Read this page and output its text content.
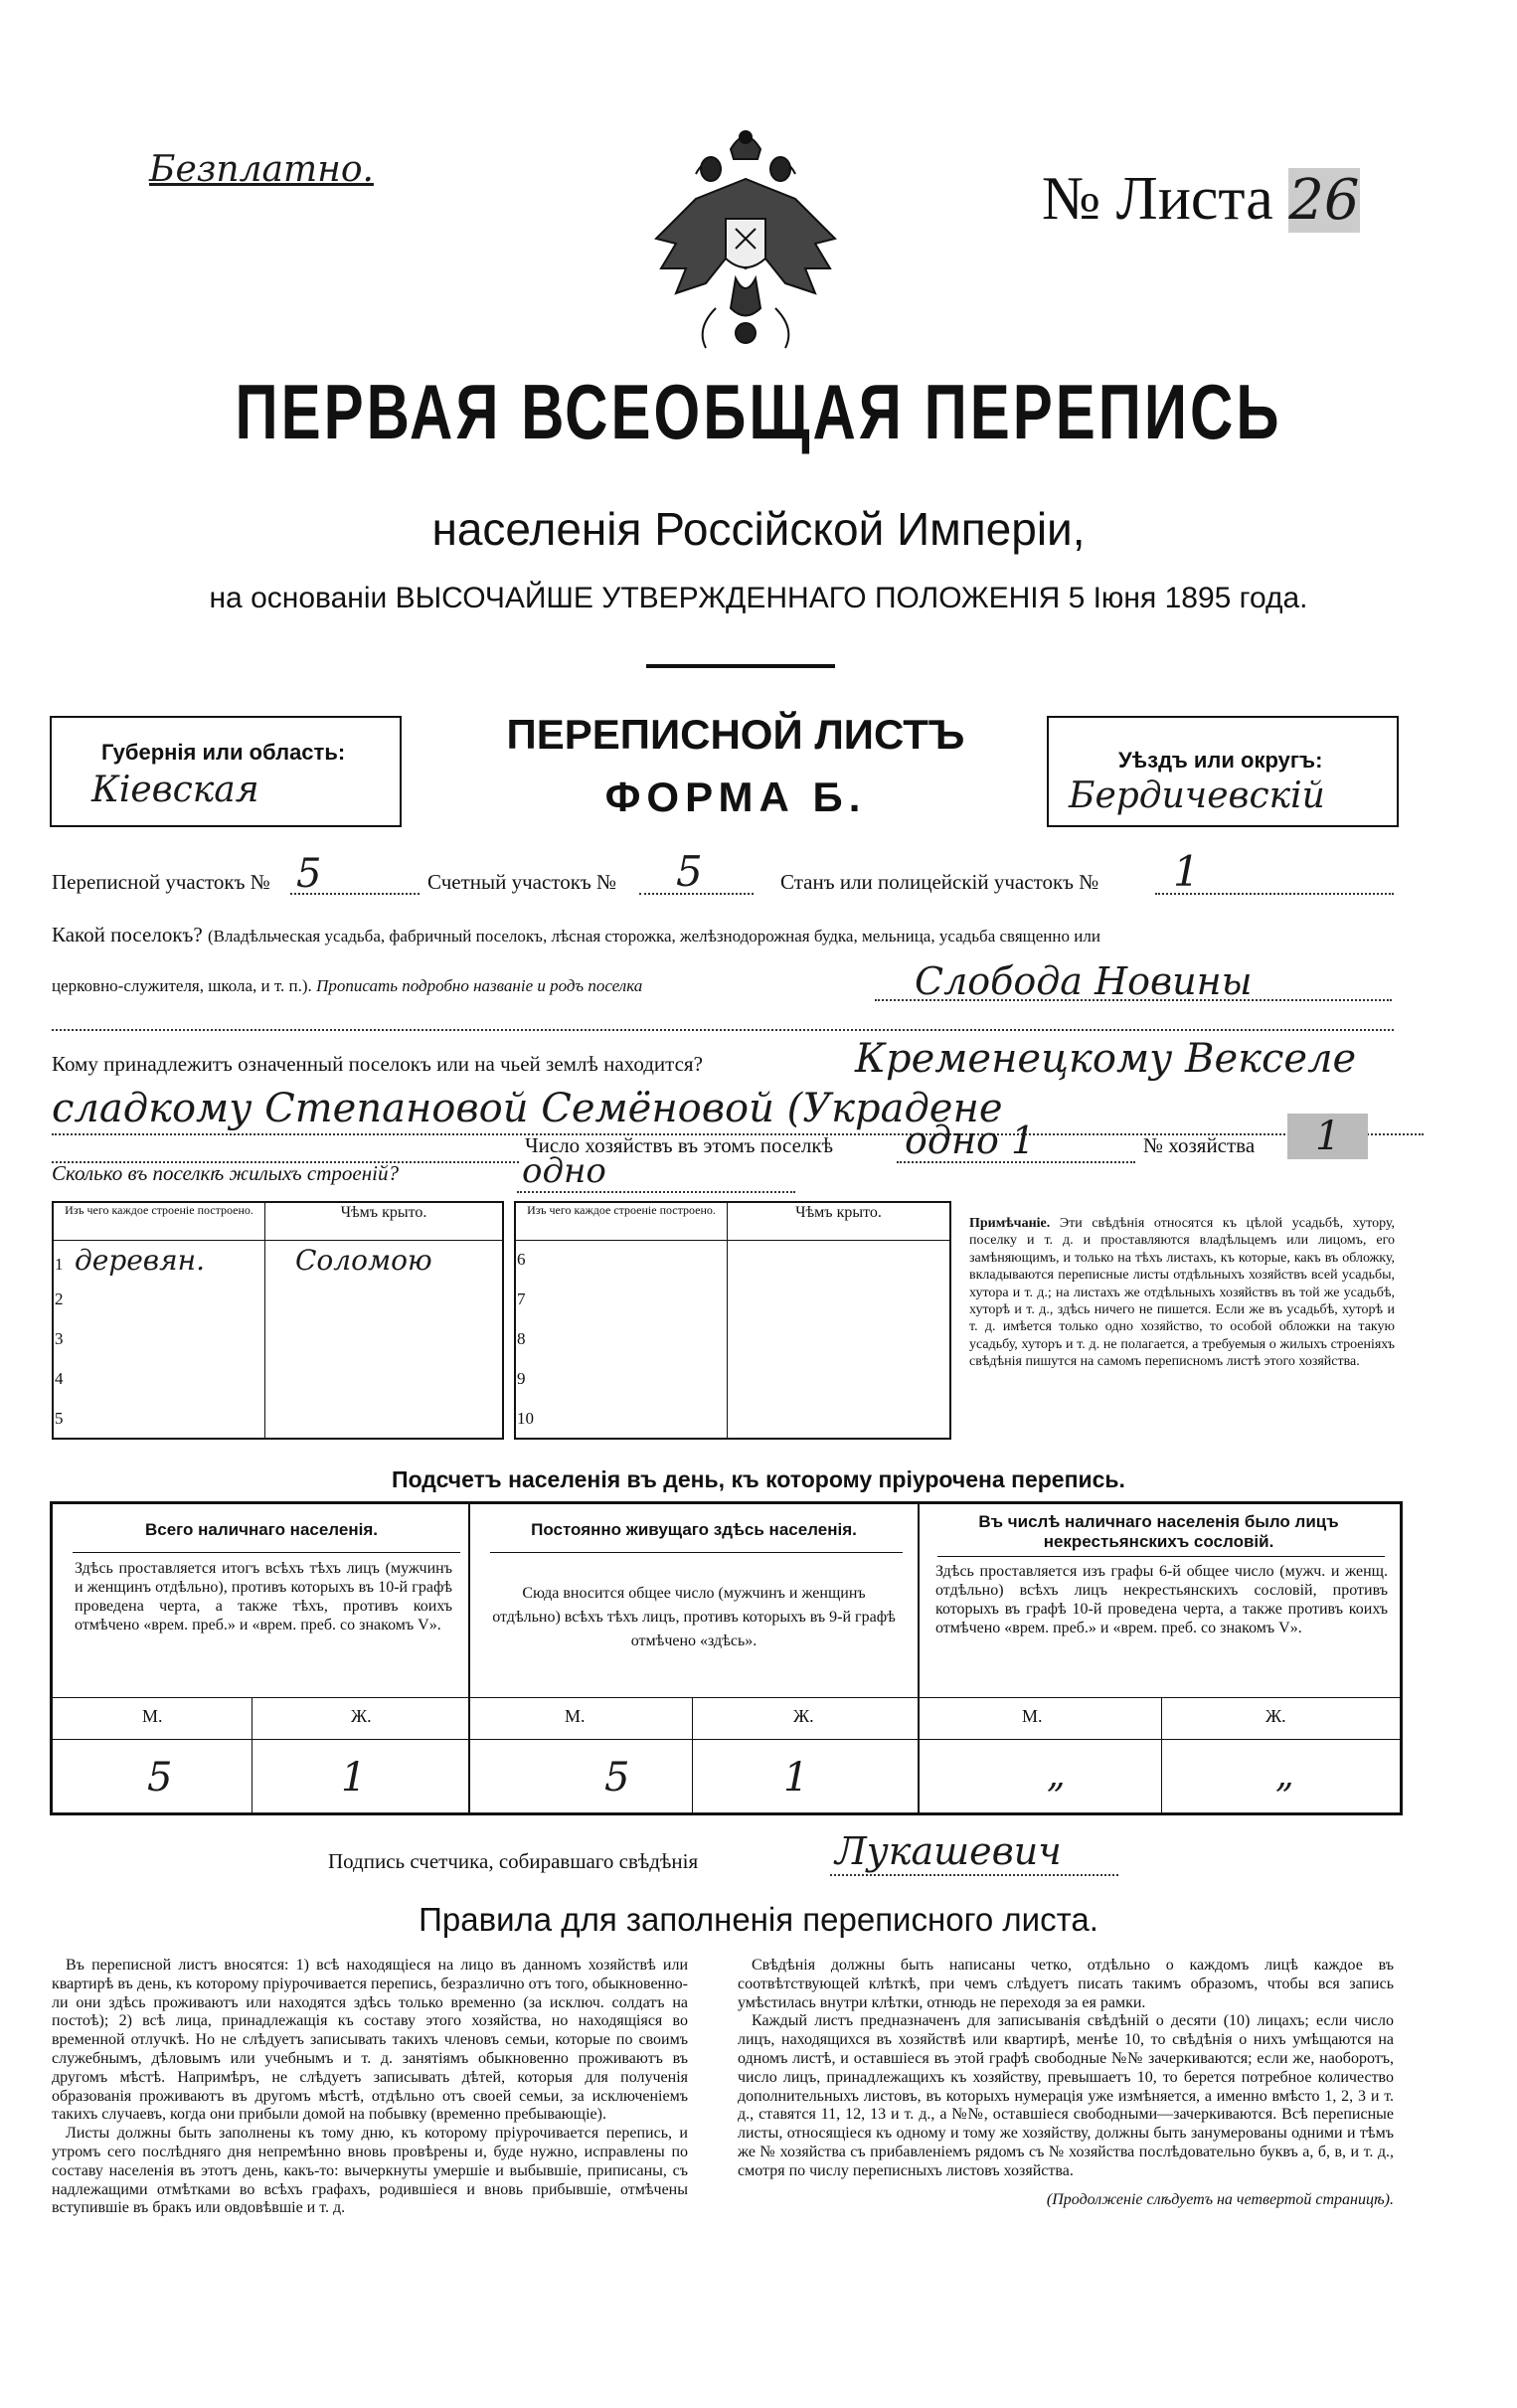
Безплатно.	№ Листа 26
ПЕРВАЯ ВСЕОБЩАЯ ПЕРЕПИСЬ
населенія Россійской Имперіи,
на основаніи ВЫСОЧАЙШЕ УТВЕРЖДЕННАГО ПОЛОЖЕНІЯ 5 Іюня 1895 года.
Губернія или область:
Кіевская
ПЕРЕПИСНОЙ ЛИСТЪ
ФОРМА Б.
Уѣздъ или округъ:
Бердичевскій
Переписной участокъ № 5	Счетный участокъ № 5	Станъ или полицейскій участокъ № 1
Какой поселокъ? (Владѣльческая усадьба, фабричный поселокъ, лѣсная сторожка, желѣзнодорожная будка, мельница, усадьба священно или
церковно-служителя, школа, и т. п.). Прописать подробно названіе и родъ поселка	Слобода Новины
Кому принадлежитъ означенный поселокъ или на чьей землѣ находится?	Кременецкому Векселе
сладкому Степановой Семёновой (Украдене
Число хозяйствъ въ этомъ поселкѣ одно 1	№ хозяйства	1
Сколько въ поселкѣ жилыхъ строеній?	одно
Изъ чего каждое строеніе построено.	Чѣмъ крыто.
1 деревян.	Соломою
2	
3	
4	
5	
Изъ чего каждое строеніе построено.	Чѣмъ крыто.
6	
7	
8	
9	
10	
Примѣчаніе. Эти свѣдѣнія относятся къ цѣлой усадьбѣ, хутору, поселку и т. д. и проставляются владѣльцемъ или лицомъ, его замѣняющимъ, и только на тѣхъ листахъ, къ которые, какъ въ обложку, вкладываются переписные листы отдѣльныхъ хозяйствъ всей усадьбы, хутора и т. д.; на листахъ же отдѣльныхъ хозяйствъ въ той же усадьбѣ, хуторѣ и т. д., здѣсь ничего не пишется. Если же въ усадьбѣ, хуторѣ и т. д. имѣется только одно хозяйство, то особой обложки на такую усадьбу, хуторъ и т. д. не полагается, а требуемыя о жилыхъ строеніяхъ свѣдѣнія пишутся на самомъ переписномъ листѣ этого хозяйства.
Подсчетъ населенія въ день, къ которому пріурочена перепись.
Всего наличнаго населенія.
Здѣсь проставляется итогъ всѣхъ тѣхъ лицъ (мужчинъ и женщинъ отдѣльно), противъ которыхъ въ 10-й графѣ проведена черта, а также тѣхъ, противъ коихъ отмѣчено «врем. преб.» и «врем. преб. со знакомъ V».
М.	Ж.
5	1
Постоянно живущаго здѣсь населенія.
Сюда вносится общее число (мужчинъ и женщинъ отдѣльно) всѣхъ тѣхъ лицъ, противъ которыхъ въ 9-й графѣ отмѣчено «здѣсь».
М.	Ж.
5	1
Въ числѣ наличнаго населенія было лицъ некрестьянскихъ сословій.
Здѣсь проставляется изъ графы 6-й общее число (мужч. и женщ. отдѣльно) всѣхъ лицъ некрестьянскихъ сословій, противъ которыхъ въ графѣ 10-й проведена черта, а также противъ коихъ отмѣчено «врем. преб.» и «врем. преб. со знакомъ V».
М.	Ж.
„	„
Подпись счетчика, собиравшаго свѣдѣнія	Лукашевич
Правила для заполненія переписного листа.

Въ переписной листъ вносятся: 1) всѣ находящіеся на лицо въ данномъ хозяйствѣ или квартирѣ въ день, къ которому пріурочивается перепись, безразлично отъ того, обыкновенно-ли они здѣсь проживаютъ или находятся здѣсь только временно (за исключ. солдатъ на постоѣ); 2) всѣ лица, принадлежащія къ составу этого хозяйства, но находящіяся во временной отлучкѣ. Но не слѣдуетъ записывать такихъ членовъ семьи, которые по своимъ служебнымъ, дѣловымъ или учебнымъ и т. д. занятіямъ обыкновенно проживаютъ въ другомъ мѣстѣ. Напримѣръ, не слѣдуетъ записывать дѣтей, которыя для полученія образованія проживаютъ въ другомъ мѣстѣ, отдѣльно отъ своей семьи, за исключеніемъ такихъ случаевъ, когда они прибыли домой на побывку (временно пребывающіе).

Листы должны быть заполнены къ тому дню, къ которому пріурочивается перепись, и утромъ сего послѣдняго дня непремѣнно вновь провѣрены и, буде нужно, исправлены по составу населенія въ этотъ день, какъ-то: вычеркнуты умершіе и выбывшіе, приписаны, съ надлежащими отмѣтками во всѣхъ графахъ, родившіеся и вновь прибывшіе, отмѣчены вступившіе въ бракъ или овдовѣвшіе и т. д.

Свѣдѣнія должны быть написаны четко, отдѣльно о каждомъ лицѣ каждое въ соотвѣтствующей клѣткѣ, при чемъ слѣдуетъ писать такимъ образомъ, чтобы вся запись умѣстилась внутри клѣтки, отнюдь не переходя за ея рамки.

Каждый листъ предназначенъ для записыванія свѣдѣній о десяти (10) лицахъ; если число лицъ, находящихся въ хозяйствѣ или квартирѣ, менѣе 10, то свѣдѣнія о нихъ умѣщаются на одномъ листѣ, и оставшіеся въ этой графѣ свободные №№ зачеркиваются; если же, наоборотъ, число лицъ, принадлежащихъ къ хозяйству, превышаетъ 10, то берется потребное количество дополнительныхъ листовъ, въ которыхъ нумерація уже измѣняется, а именно вмѣсто 1, 2, 3 и т. д., ставятся 11, 12, 13 и т. д., а №№, оставшіеся свободными—зачеркиваются. Всѣ переписные листы, относящіеся къ одному и тому же хозяйству, должны быть занумерованы одними и тѣмъ же № хозяйства съ прибавленіемъ рядомъ съ № хозяйства послѣдовательно буквъ а, б, в, и т. д., смотря по числу переписныхъ листовъ хозяйства.

(Продолженіе слѣдуетъ на четвертой страницѣ).
